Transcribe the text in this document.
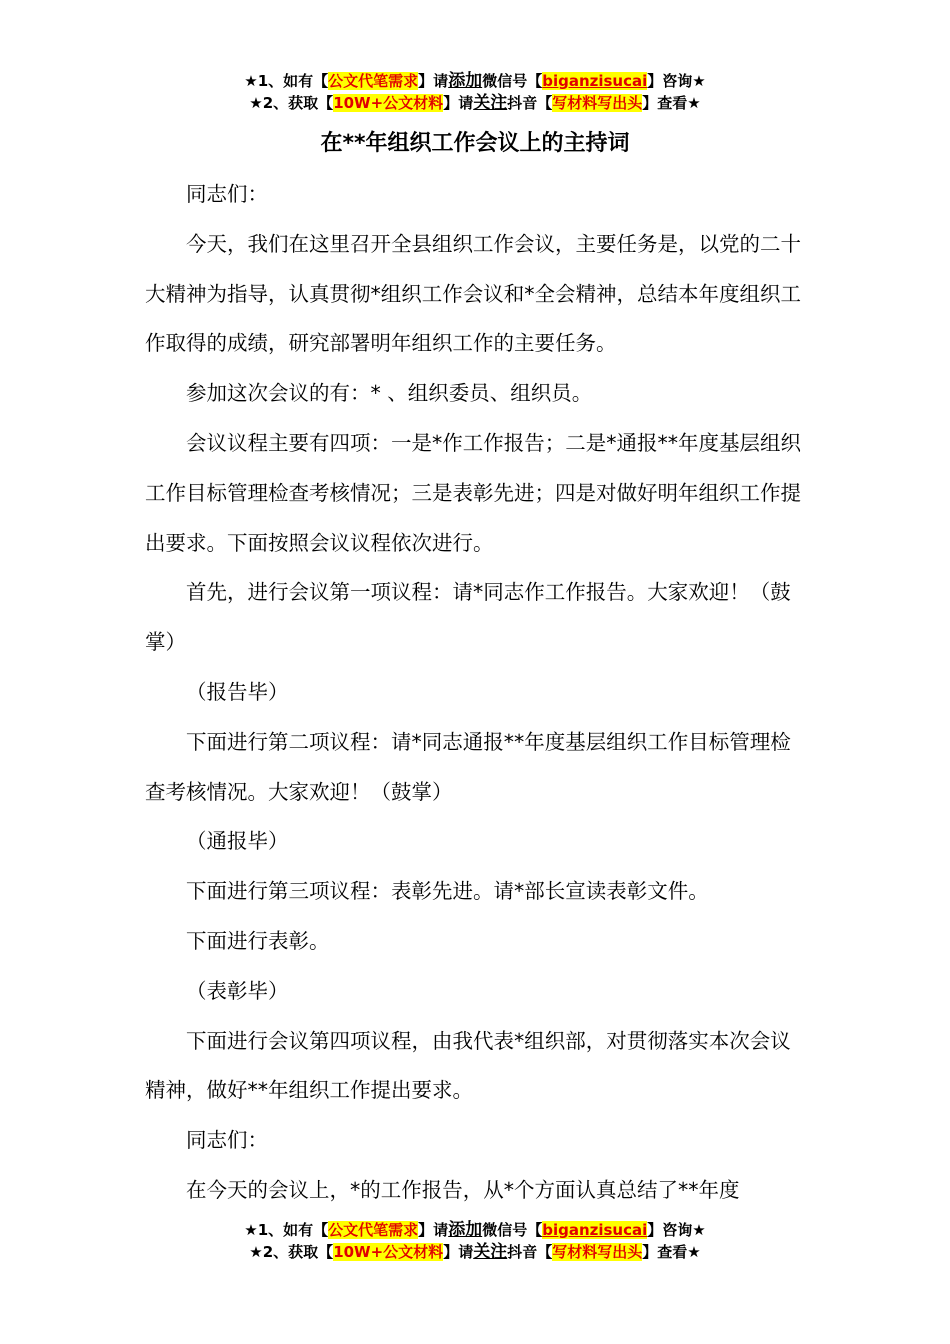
★1、如有【公文代笔需求】请添加微信号【biganzisucai】咨询★
★2、获取【10W+公文材料】请关注抖音【写材料写出头】查看★
在**年组织工作会议上的主持词

同志们：

今天，我们在这里召开全县组织工作会议，主要任务是，以党的二十大精神为指导，认真贯彻*组织工作会议和*全会精神，总结本年度组织工作取得的成绩，研究部署明年组织工作的主要任务。

参加这次会议的有：* 、组织委员、组织员。

会议议程主要有四项：一是*作工作报告；二是*通报**年度基层组织工作目标管理检查考核情况；三是表彰先进；四是对做好明年组织工作提出要求。下面按照会议议程依次进行。

首先，进行会议第一项议程：请*同志作工作报告。大家欢迎！（鼓掌）

（报告毕）

下面进行第二项议程：请*同志通报**年度基层组织工作目标管理检查考核情况。大家欢迎！（鼓掌）

（通报毕）

下面进行第三项议程：表彰先进。请*部长宣读表彰文件。

下面进行表彰。

（表彰毕）

下面进行会议第四项议程，由我代表*组织部，对贯彻落实本次会议精神，做好**年组织工作提出要求。

同志们：

在今天的会议上，*的工作报告，从*个方面认真总结了**年度

★1、如有【公文代笔需求】请添加微信号【biganzisucai】咨询★
★2、获取【10W+公文材料】请关注抖音【写材料写出头】查看★
